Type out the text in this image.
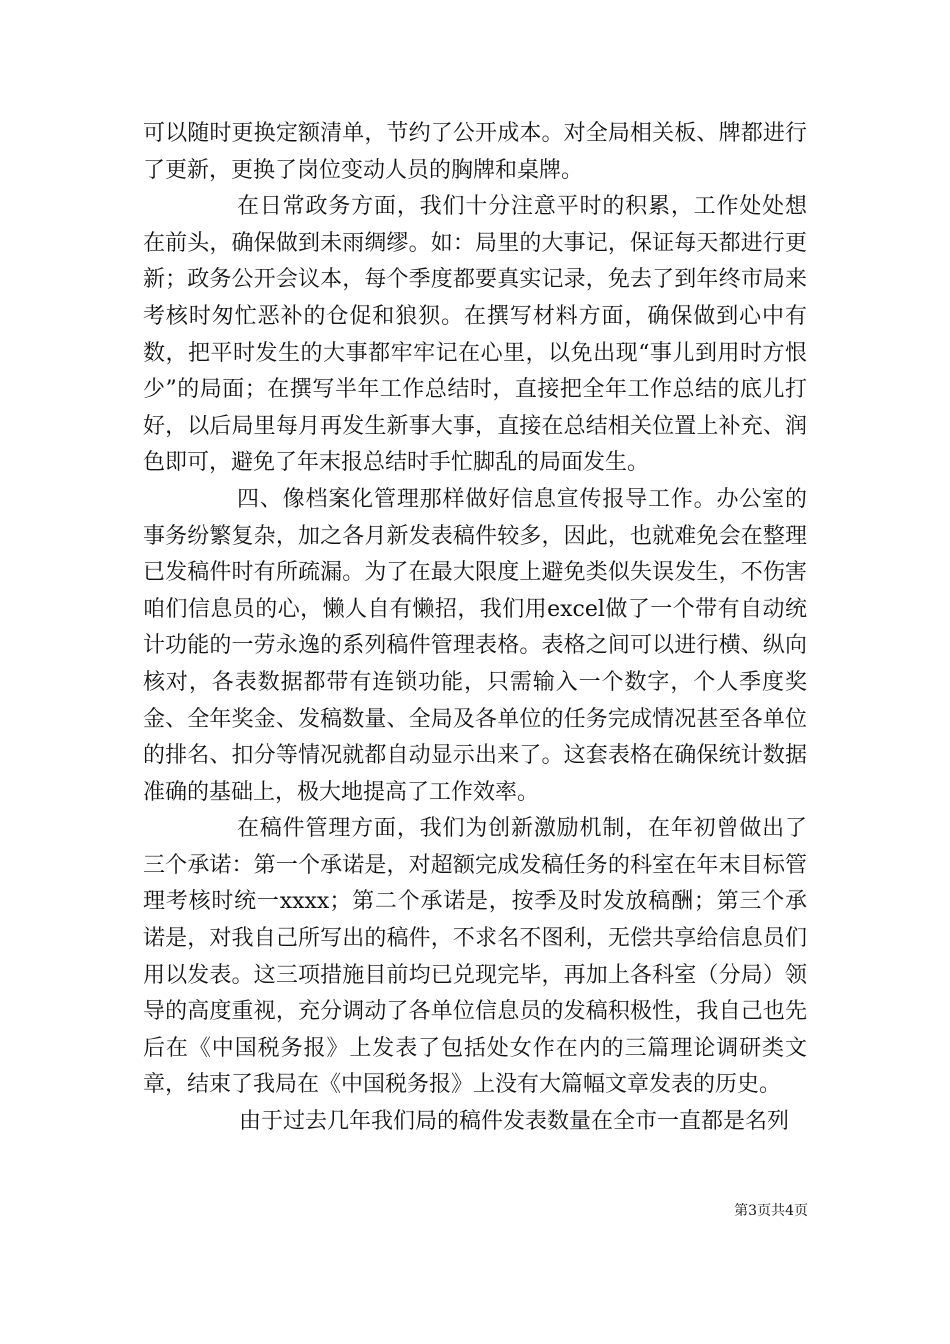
可以随时更换定额清单，节约了公开成本。对全局相关板、牌都进行了更新，更换了岗位变动人员的胸牌和桌牌。

在日常政务方面，我们十分注意平时的积累，工作处处想在前头，确保做到未雨绸缪。如：局里的大事记，保证每天都进行更新；政务公开会议本，每个季度都要真实记录，免去了到年终市局来考核时匆忙恶补的仓促和狼狈。在撰写材料方面，确保做到心中有数，把平时发生的大事都牢牢记在心里，以免出现“事儿到用时方恨少”的局面；在撰写半年工作总结时，直接把全年工作总结的底儿打好，以后局里每月再发生新事大事，直接在总结相关位置上补充、润色即可，避免了年末报总结时手忙脚乱的局面发生。

四、像档案化管理那样做好信息宣传报导工作。办公室的事务纷繁复杂，加之各月新发表稿件较多，因此，也就难免会在整理已发稿件时有所疏漏。为了在最大限度上避免类似失误发生，不伤害咱们信息员的心，懒人自有懒招，我们用excel做了一个带有自动统计功能的一劳永逸的系列稿件管理表格。表格之间可以进行横、纵向核对，各表数据都带有连锁功能，只需输入一个数字，个人季度奖金、全年奖金、发稿数量、全局及各单位的任务完成情况甚至各单位的排名、扣分等情况就都自动显示出来了。这套表格在确保统计数据准确的基础上，极大地提高了工作效率。

在稿件管理方面，我们为创新激励机制，在年初曾做出了三个承诺：第一个承诺是，对超额完成发稿任务的科室在年末目标管理考核时统一xxxx；第二个承诺是，按季及时发放稿酬；第三个承诺是，对我自己所写出的稿件，不求名不图利，无偿共享给信息员们用以发表。这三项措施目前均已兑现完毕，再加上各科室（分局）领导的高度重视，充分调动了各单位信息员的发稿积极性，我自己也先后在《中国税务报》上发表了包括处女作在内的三篇理论调研类文章，结束了我局在《中国税务报》上没有大篇幅文章发表的历史。

由于过去几年我们局的稿件发表数量在全市一直都是名列

第3页共4页
